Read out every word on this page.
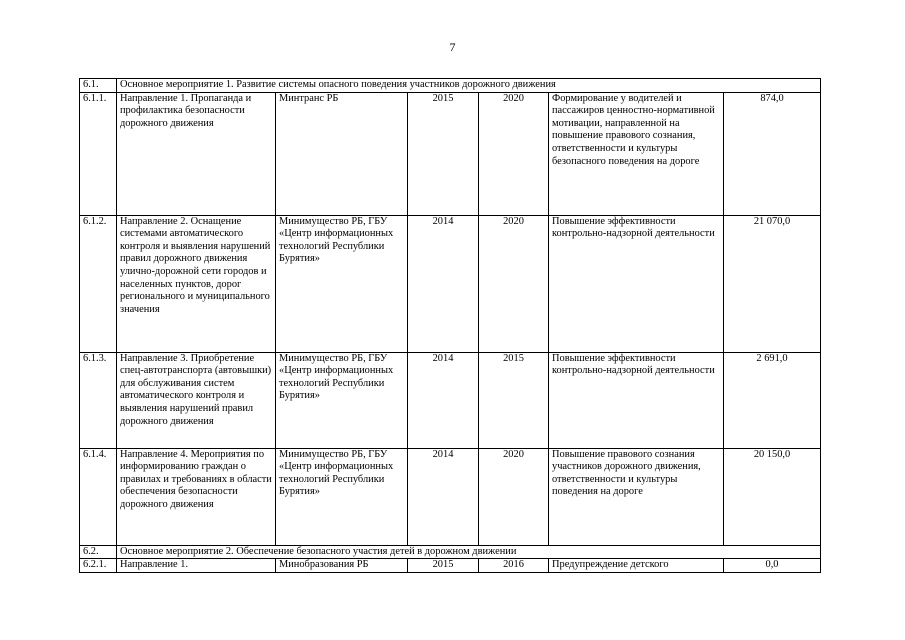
7
6.1.	Основное мероприятие 1. Развитие системы опасного поведения участников дорожного движения					
6.1.1.	Направление 1. Пропаганда и профилактика безопасности дорожного движения	Минтранс РБ	2015	2020	Формирование у водителей и пассажиров ценностно-нормативной мотивации, направленной на повышение правового сознания, ответственности и культуры безопасного поведения на дороге	874,0
6.1.2.	Направление 2. Оснащение системами автоматического контроля и выявления нарушений правил дорожного движения улично-дорожной сети городов и населенных пунктов, дорог регионального и муниципального значения	Минимущество РБ, ГБУ «Центр информационных технологий Республики Бурятия»	2014	2020	Повышение эффективности контрольно-надзорной деятельности	21 070,0
6.1.3.	Направление 3. Приобретение спец-автотранспорта (автовышки) для обслуживания систем автоматического контроля и выявления нарушений правил дорожного движения	Минимущество РБ, ГБУ «Центр информационных технологий Республики Бурятия»	2014	2015	Повышение эффективности контрольно-надзорной деятельности	2 691,0
6.1.4.	Направление 4. Мероприятия по информированию граждан о правилах и требованиях в области обеспечения безопасности дорожного движения	Минимущество РБ, ГБУ «Центр информационных технологий Республики Бурятия»	2014	2020	Повышение правового сознания участников дорожного движения, ответственности и культуры поведения на дороге	20 150,0
6.2.	Основное мероприятие 2. Обеспечение безопасного участия детей в дорожном движении					
6.2.1.	Направление 1.	Минобразования РБ	2015	2016	Предупреждение детского	0,0
